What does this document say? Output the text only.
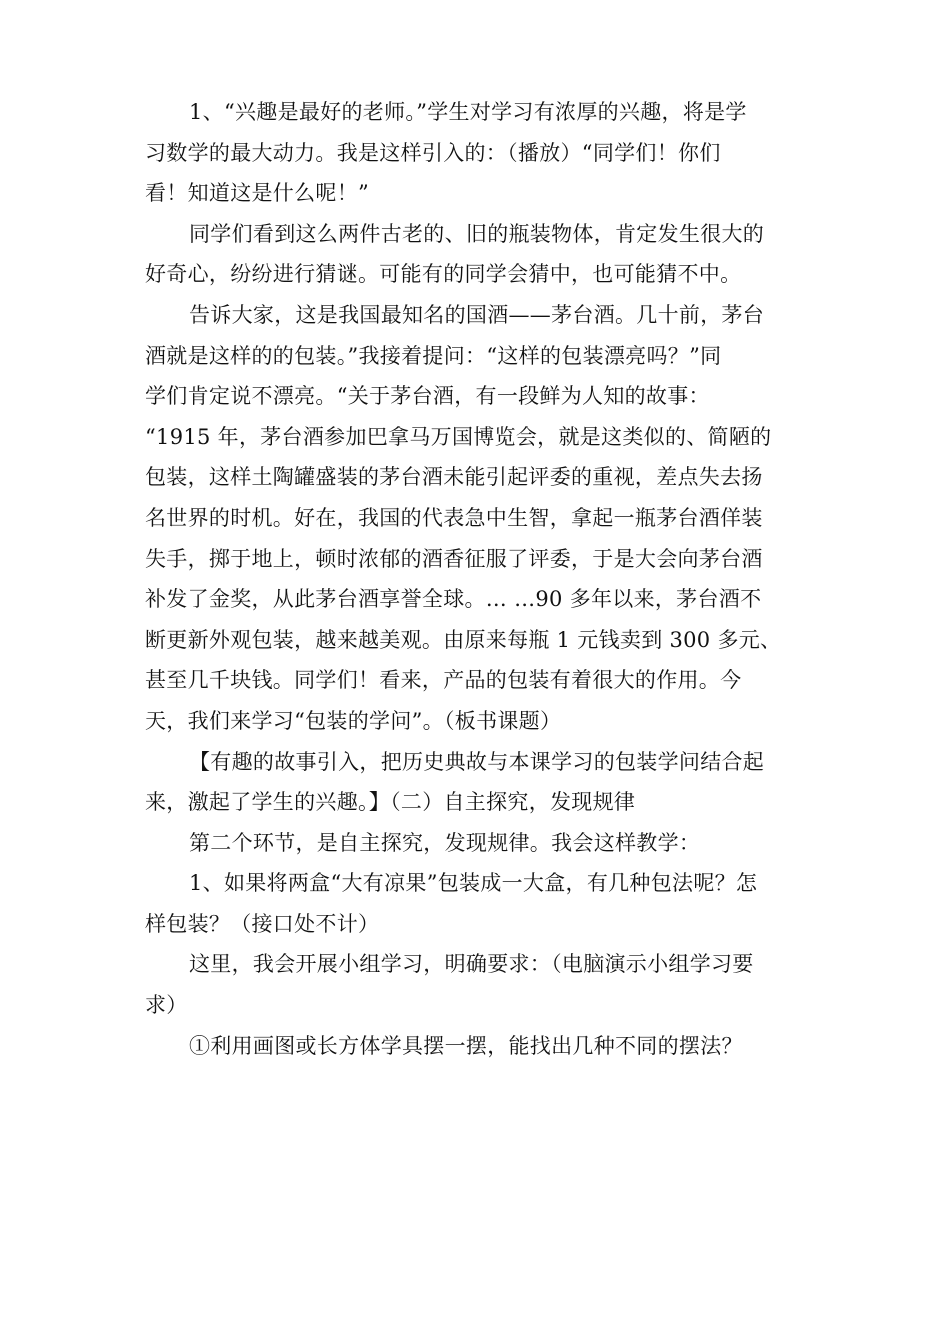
1、“兴趣是最好的老师。”学生对学习有浓厚的兴趣，将是学
习数学的最大动力。我是这样引入的：（播放）“同学们！你们
看！知道这是什么呢！”
同学们看到这么两件古老的、旧的瓶装物体，肯定发生很大的
好奇心，纷纷进行猜谜。可能有的同学会猜中，也可能猜不中。
告诉大家，这是我国最知名的国酒——茅台酒。几十前，茅台
酒就是这样的的包装。”我接着提问：“这样的包装漂亮吗？”同
学们肯定说不漂亮。“关于茅台酒，有一段鲜为人知的故事：
“1915 年，茅台酒参加巴拿马万国博览会，就是这类似的、简陋的
包装，这样土陶罐盛装的茅台酒未能引起评委的重视，差点失去扬
名世界的时机。好在，我国的代表急中生智，拿起一瓶茅台酒佯装
失手，掷于地上，顿时浓郁的酒香征服了评委，于是大会向茅台酒
补发了金奖，从此茅台酒享誉全球。… …90 多年以来，茅台酒不
断更新外观包装，越来越美观。由原来每瓶 1 元钱卖到 300 多元、
甚至几千块钱。同学们！看来，产品的包装有着很大的作用。今
天，我们来学习“包装的学问”。（板书课题）
【有趣的故事引入，把历史典故与本课学习的包装学问结合起
来，激起了学生的兴趣。】（二）自主探究，发现规律
第二个环节，是自主探究，发现规律。我会这样教学：
1、如果将两盒“大有凉果”包装成一大盒，有几种包法呢？怎
样包装？（接口处不计）
这里，我会开展小组学习，明确要求：（电脑演示小组学习要
求）
①利用画图或长方体学具摆一摆，能找出几种不同的摆法？
